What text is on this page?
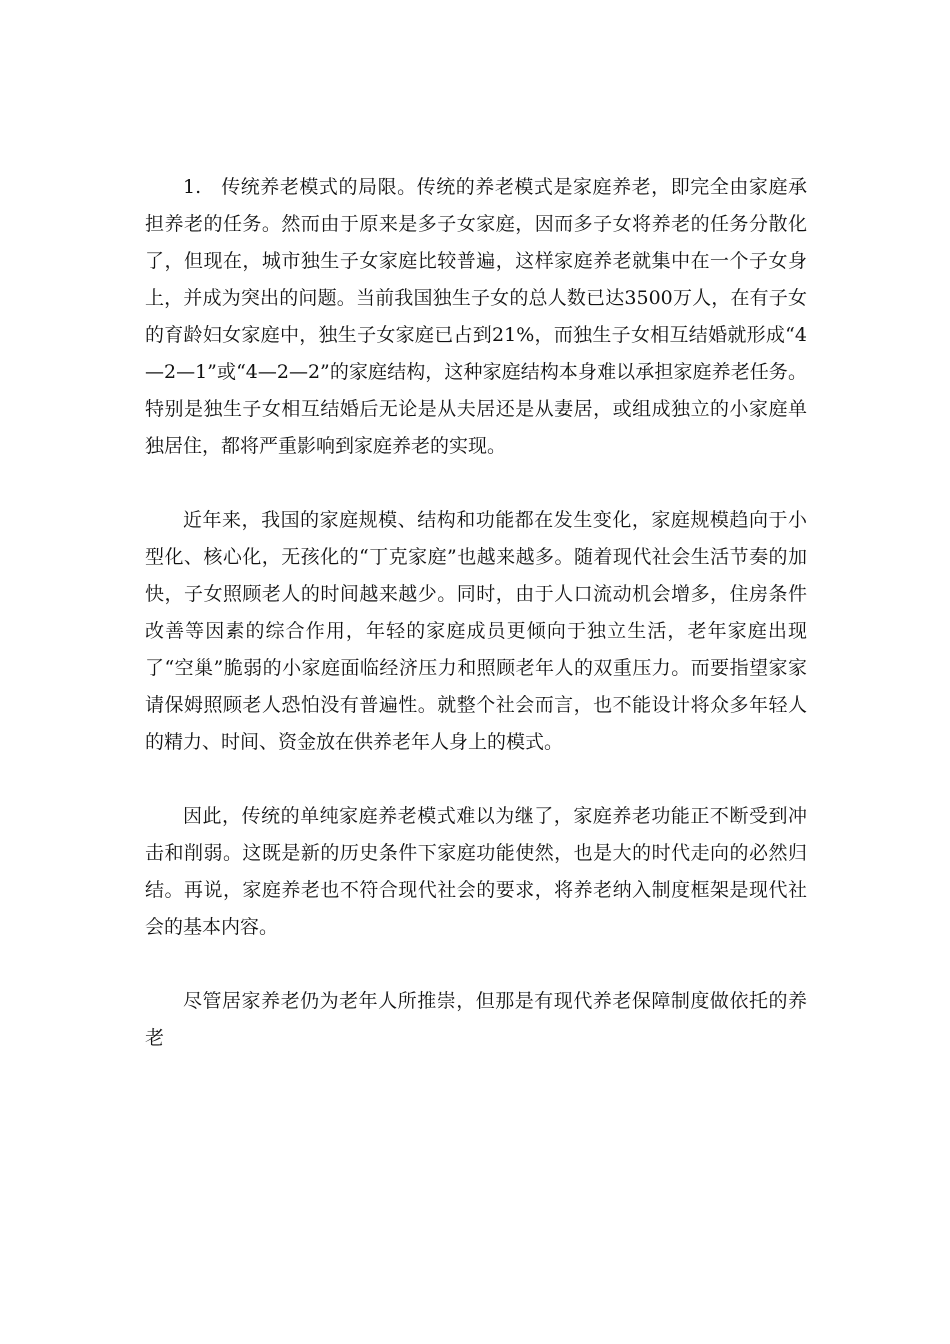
1.　传统养老模式的局限。传统的养老模式是家庭养老，即完全由家庭承担养老的任务。然而由于原来是多子女家庭，因而多子女将养老的任务分散化了，但现在，城市独生子女家庭比较普遍，这样家庭养老就集中在一个子女身上，并成为突出的问题。当前我国独生子女的总人数已达3500万人，在有子女的育龄妇女家庭中，独生子女家庭已占到21%，而独生子女相互结婚就形成“4—2—1”或“4—2—2”的家庭结构，这种家庭结构本身难以承担家庭养老任务。特别是独生子女相互结婚后无论是从夫居还是从妻居，或组成独立的小家庭单独居住，都将严重影响到家庭养老的实现。

近年来，我国的家庭规模、结构和功能都在发生变化，家庭规模趋向于小型化、核心化，无孩化的“丁克家庭”也越来越多。随着现代社会生活节奏的加快，子女照顾老人的时间越来越少。同时，由于人口流动机会增多，住房条件改善等因素的综合作用，年轻的家庭成员更倾向于独立生活，老年家庭出现了“空巢”脆弱的小家庭面临经济压力和照顾老年人的双重压力。而要指望家家请保姆照顾老人恐怕没有普遍性。就整个社会而言，也不能设计将众多年轻人的精力、时间、资金放在供养老年人身上的模式。

因此，传统的单纯家庭养老模式难以为继了，家庭养老功能正不断受到冲击和削弱。这既是新的历史条件下家庭功能使然，也是大的时代走向的必然归结。再说，家庭养老也不符合现代社会的要求，将养老纳入制度框架是现代社会的基本内容。

尽管居家养老仍为老年人所推崇，但那是有现代养老保障制度做依托的养老
